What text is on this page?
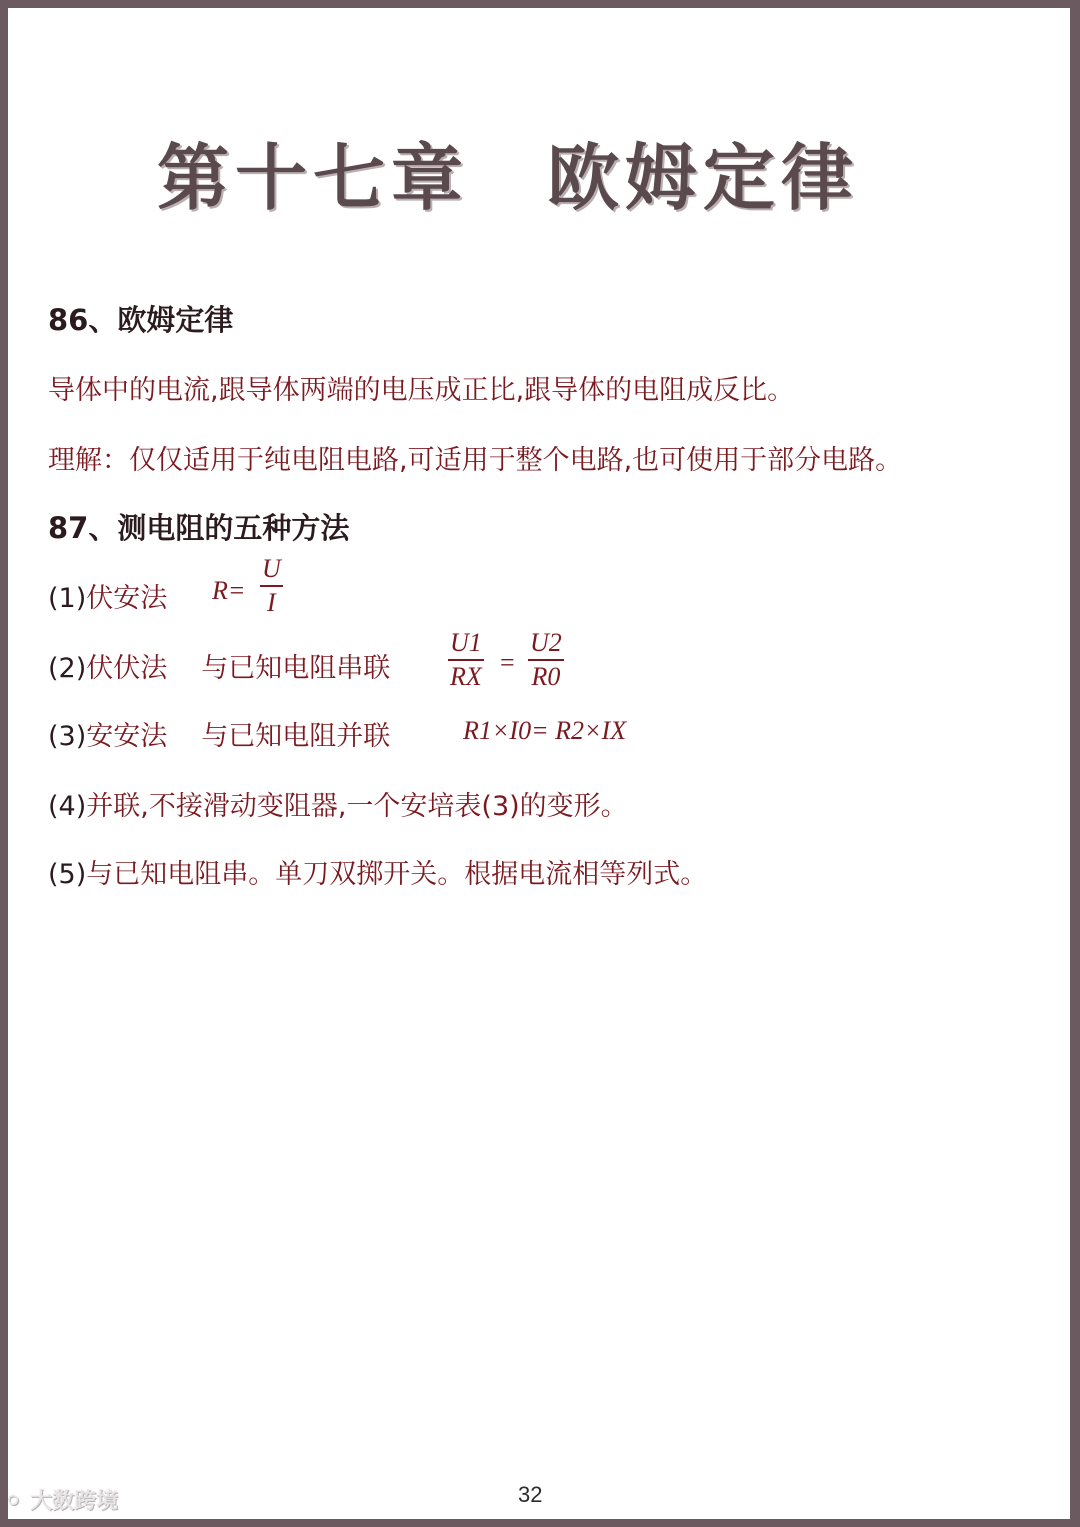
第十七章　欧姆定律
86、欧姆定律
导体中的电流,跟导体两端的电压成正比,跟导体的电阻成反比。
理解：仅仅适用于纯电阻电路,可适用于整个电路,也可使用于部分电路。
87、测电阻的五种方法
(1)伏安法 $R= \frac{U}{I}$
(2)伏伏法 与已知电阻串联 $\frac{U1}{RX} = \frac{U2}{R0}$
(3)安安法 与已知电阻并联	R1×I0= R2×IX
(4)并联,不接滑动变阻器,一个安培表(3)的变形。
(5)与已知电阻串。单刀双掷开关。根据电流相等列式。
32
⚪ 大数跨境
